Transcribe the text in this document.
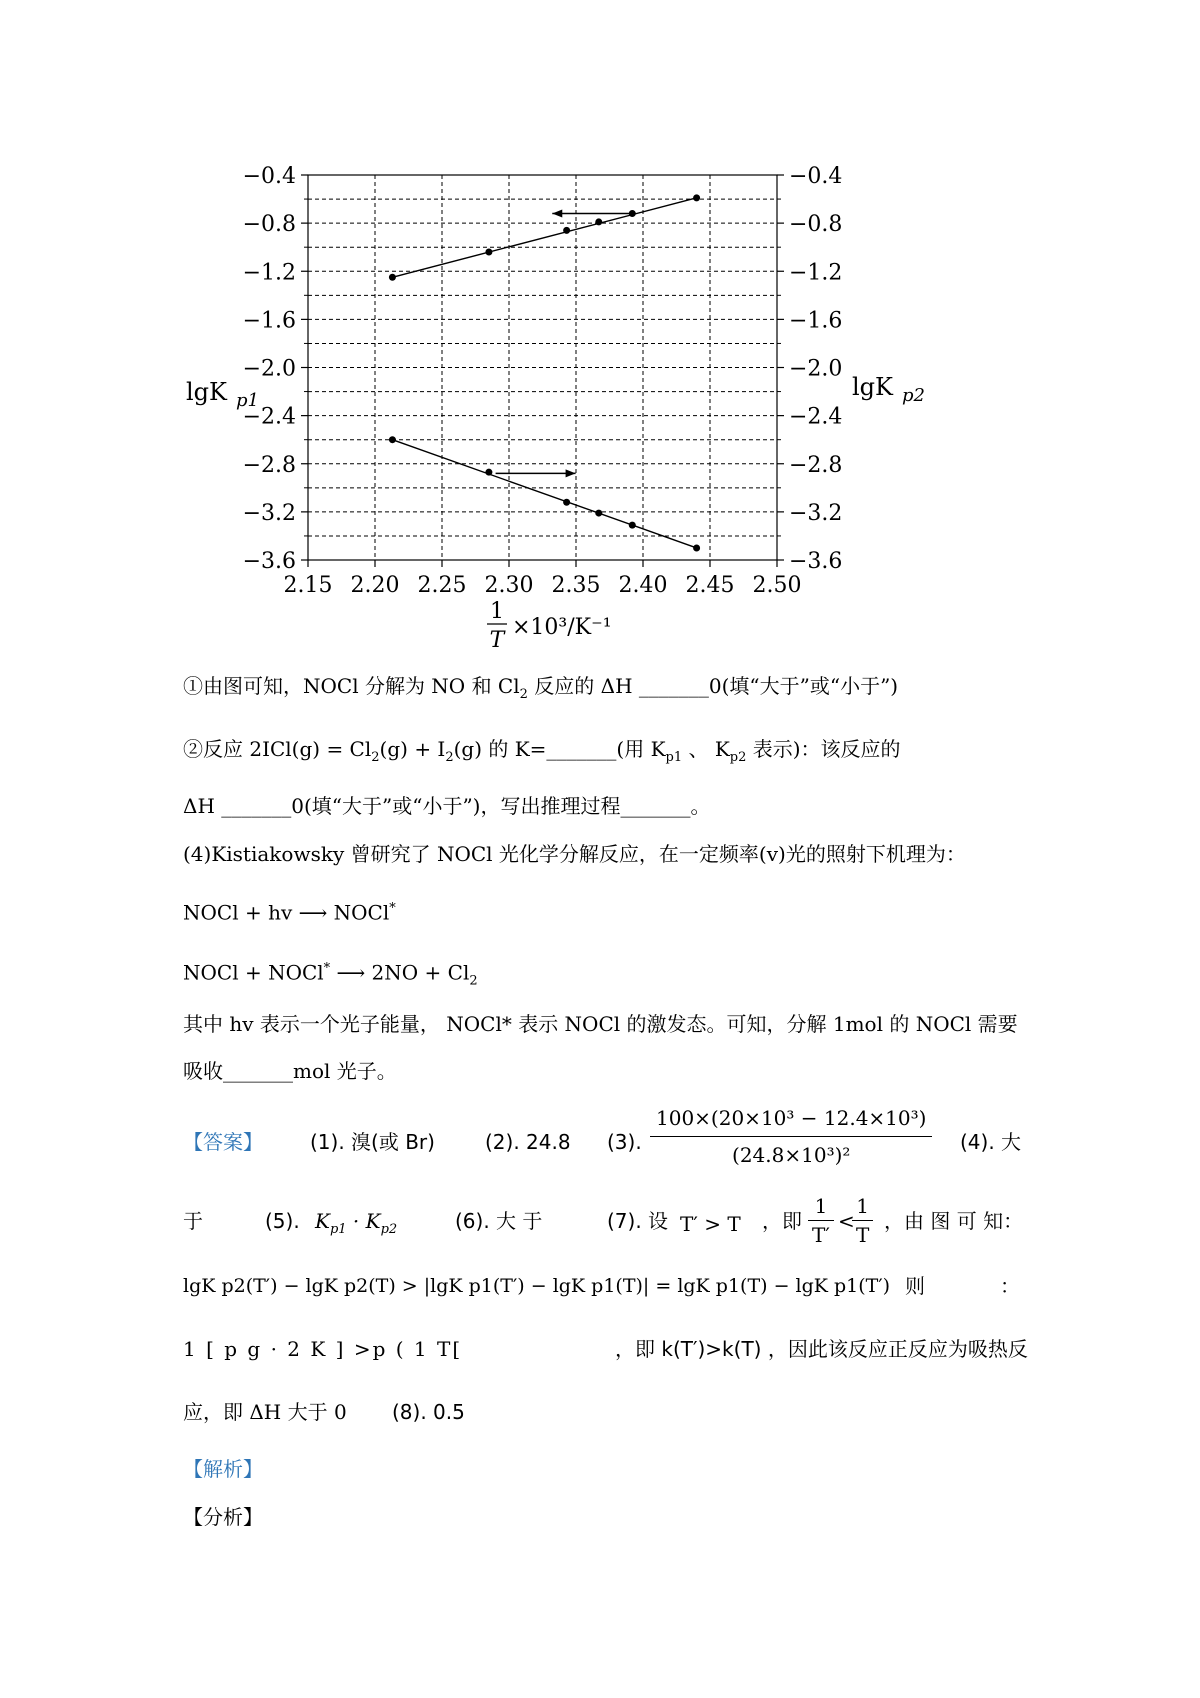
−0.4	−0.4
−0.8	−0.8
−1.2	−1.2
−1.6	−1.6
−2.0	−2.0
−2.4	−2.4
−2.8	−2.8
−3.2	−3.2
−3.6	−3.6
2.15 2.20 2.25 2.30 2.35 2.40 2.45 2.50
lgK p1	lgK p2
1
T
×10³/K⁻¹
①由图可知，NOCl 分解为 NO 和 $Cl_2$ 反应的 ΔH _______0(填“大于”或“小于”)
②反应 $2ICl(g) = Cl_2(g) + I_2(g)$ 的 K=_______(用 $K_{p1}$ 、 $K_{p2}$ 表示)：该反应的
ΔH _______0(填“大于”或“小于”)，写出推理过程_______。
(4)Kistiakowsky 曾研究了 NOCl 光化学分解反应，在一定频率(v)光的照射下机理为：
NOCl + hv ⟶ NOCl*
NOCl + NOCl* ⟶ $2NO + Cl_2$
其中 hv 表示一个光子能量， NOCl* 表示 NOCl 的激发态。可知，分解 1mol 的 NOCl 需要
吸收_______mol 光子。
【答案】 (1). 溴(或 Br)	(2). 24.8 (3). $\frac{\text{100×(20×10³ − 12.4×10³)}}{\text{(24.8×10³)²}} (4)$. 大
于	(5). $K_{p1} \cdot K_{p2}$	(6). 大 于	(7). 设 T′ > T ，即 $\frac{1}{T'}$ <
$\frac{1}{T}$ ，由 图 可 知：
lgK p2(T′) − lgK p2(T) > |lgK p1(T′) − lgK p1(T)| = lgK p1(T) − lgK p1(T′) 则	：
1 [ p g · 2 K ] >p ( 1 T[	，即 k(T′)>k(T) ，因此该反应正反应为吸热反
应，即 ΔH 大于 0 (8). 0.5
【解析】
【分析】
